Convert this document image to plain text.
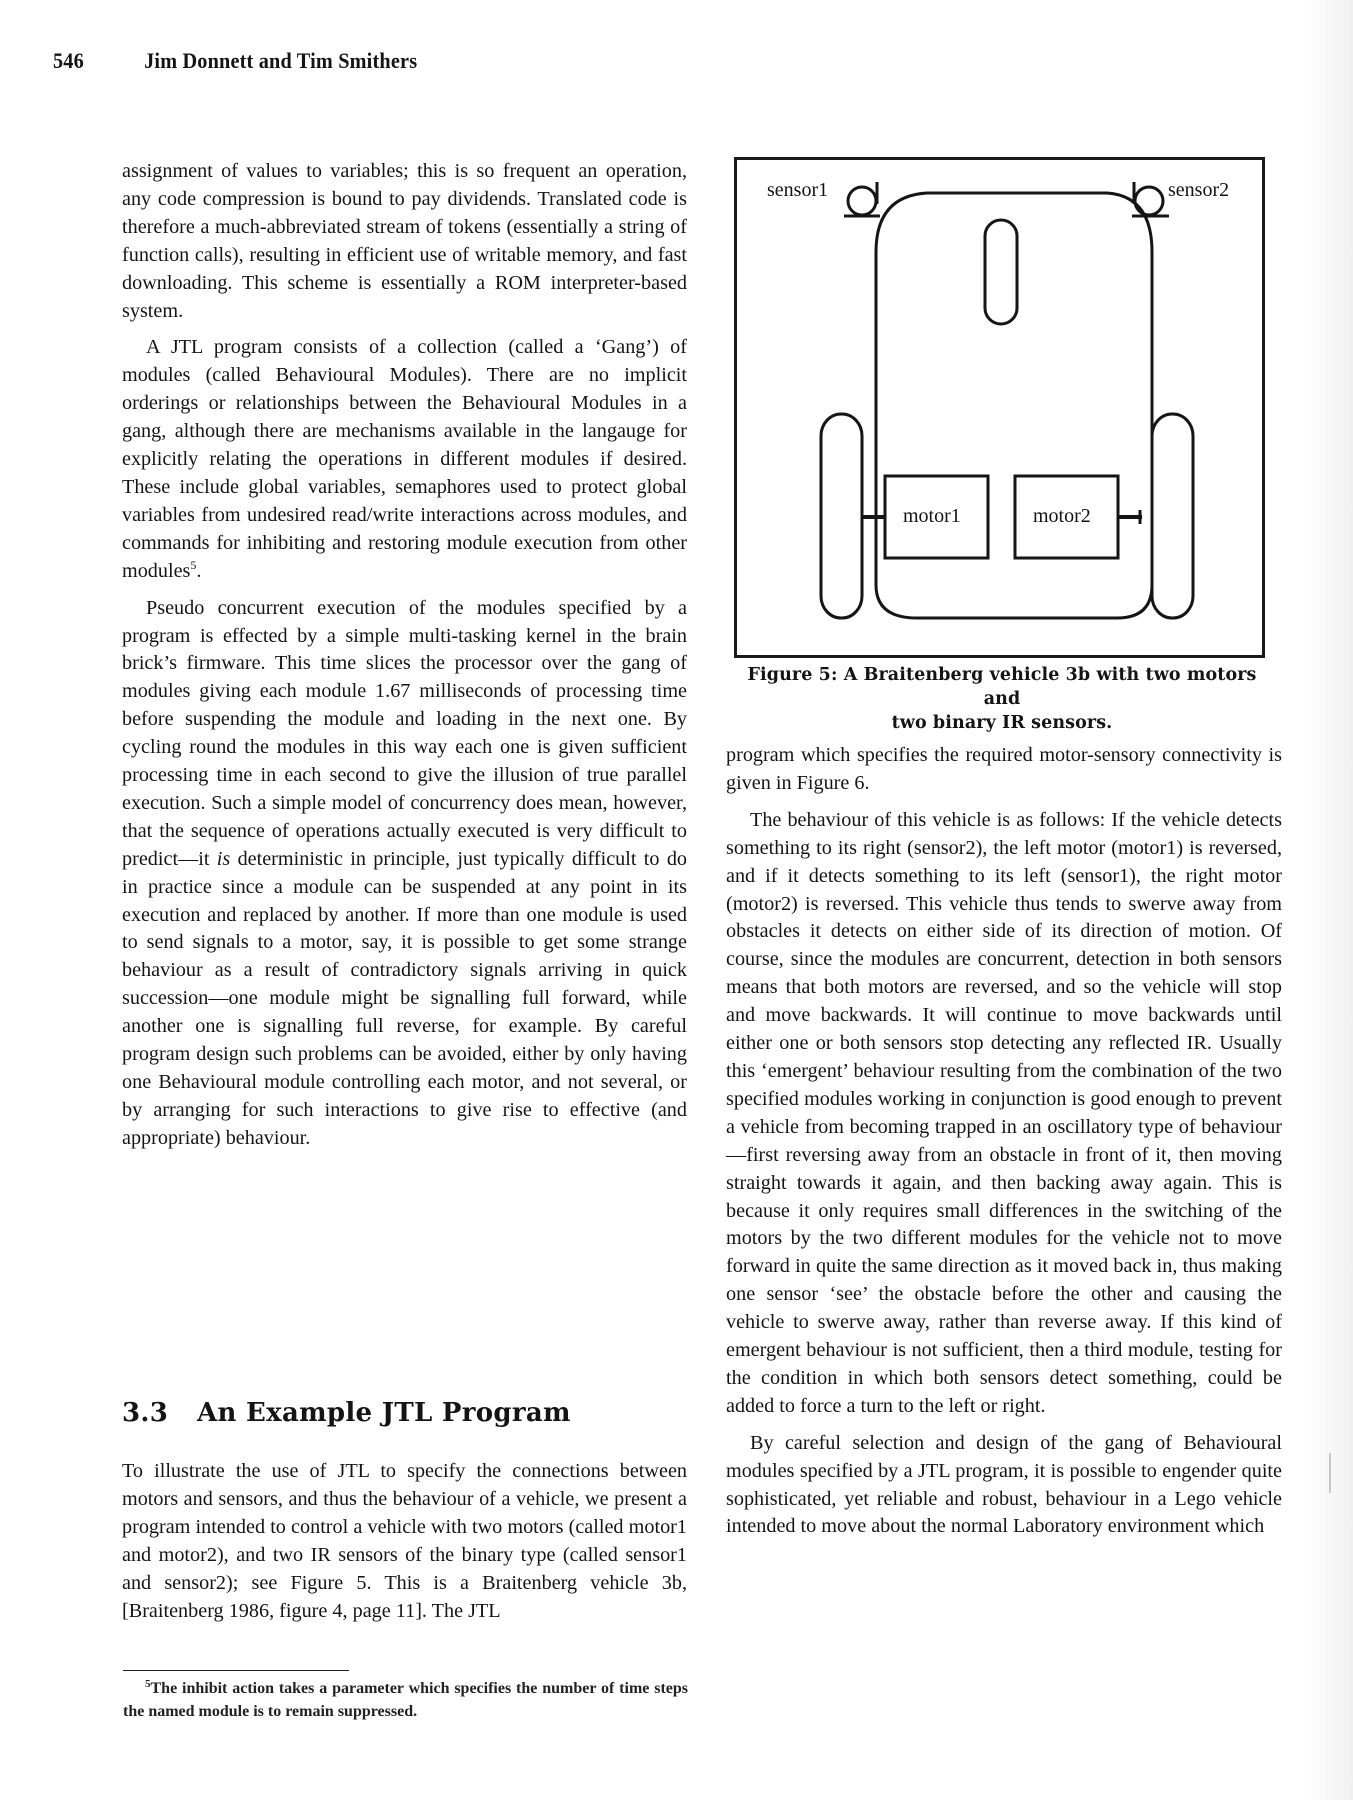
546	Jim Donnett and Tim Smithers

assignment of values to variables; this is so frequent an operation, any code compression is bound to pay dividends. Translated code is therefore a much-abbreviated stream of tokens (essentially a string of function calls), resulting in efficient use of writable memory, and fast downloading. This scheme is essentially a ROM interpreter-based system.

A JTL program consists of a collection (called a ‘Gang’) of modules (called Behavioural Modules). There are no implicit orderings or relationships between the Behavioural Modules in a gang, although there are mechanisms available in the langauge for explicitly relating the operations in different modules if desired. These include global variables, semaphores used to protect global variables from undesired read/write interactions across modules, and commands for inhibiting and restoring module execution from other modules$^5$.

Pseudo concurrent execution of the modules specified by a program is effected by a simple multi-tasking kernel in the brain brick’s firmware. This time slices the processor over the gang of modules giving each module 1.67 milliseconds of processing time before suspending the module and loading in the next one. By cycling round the modules in this way each one is given sufficient processing time in each second to give the illusion of true parallel execution. Such a simple model of concurrency does mean, however, that the sequence of operations actually executed is very difficult to predict—it is deterministic in principle, just typically difficult to do in practice since a module can be suspended at any point in its execution and replaced by another. If more than one module is used to send signals to a motor, say, it is possible to get some strange behaviour as a result of contradictory signals arriving in quick succession—one module might be signalling full forward, while another one is signalling full reverse, for example. By careful program design such problems can be avoided, either by only having one Behavioural module controlling each motor, and not several, or by arranging for such interactions to give rise to effective (and appropriate) behaviour.

3.3 An Example JTL Program

To illustrate the use of JTL to specify the connections between motors and sensors, and thus the behaviour of a vehicle, we present a program intended to control a vehicle with two motors (called motor1 and motor2), and two IR sensors of the binary type (called sensor1 and sensor2); see Figure 5. This is a Braitenberg vehicle 3b, [Braitenberg 1986, figure 4, page 11]. The JTL

$^5$The inhibit action takes a parameter which specifies the number of time steps the named module is to remain suppressed.

sensor1	sensor2
motor1	motor2
Figure 5: A Braitenberg vehicle 3b with two motors and
two binary IR sensors.

program which specifies the required motor-sensory connectivity is given in Figure 6.

The behaviour of this vehicle is as follows: If the vehicle detects something to its right (sensor2), the left motor (motor1) is reversed, and if it detects something to its left (sensor1), the right motor (motor2) is reversed. This vehicle thus tends to swerve away from obstacles it detects on either side of its direction of motion. Of course, since the modules are concurrent, detection in both sensors means that both motors are reversed, and so the vehicle will stop and move backwards. It will continue to move backwards until either one or both sensors stop detecting any reflected IR. Usually this ‘emergent’ behaviour resulting from the combination of the two specified modules working in conjunction is good enough to prevent a vehicle from becoming trapped in an oscillatory type of behaviour—first reversing away from an obstacle in front of it, then moving straight towards it again, and then backing away again. This is because it only requires small differences in the switching of the motors by the two different modules for the vehicle not to move forward in quite the same direction as it moved back in, thus making one sensor ‘see’ the obstacle before the other and causing the vehicle to swerve away, rather than reverse away. If this kind of emergent behaviour is not sufficient, then a third module, testing for the condition in which both sensors detect something, could be added to force a turn to the left or right.

By careful selection and design of the gang of Behavioural modules specified by a JTL program, it is possible to engender quite sophisticated, yet reliable and robust, behaviour in a Lego vehicle intended to move about the normal Laboratory environment which
